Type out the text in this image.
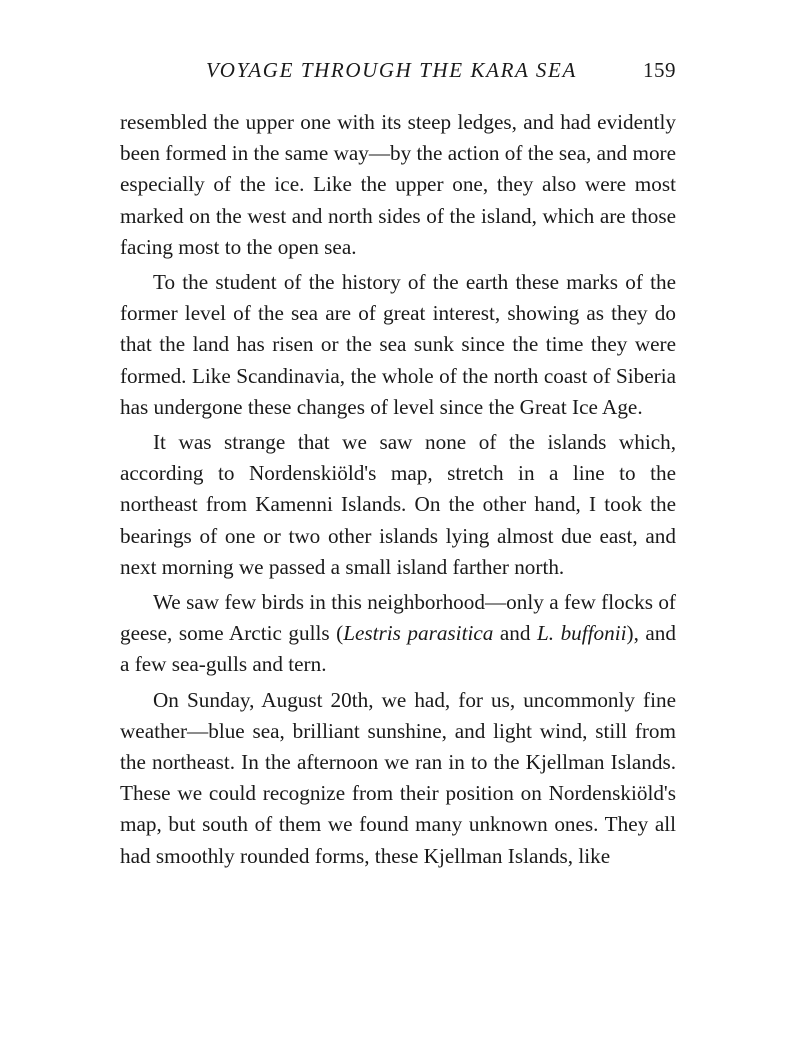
VOYAGE THROUGH THE KARA SEA	159

resembled the upper one with its steep ledges, and had evidently been formed in the same way—by the action of the sea, and more especially of the ice. Like the upper one, they also were most marked on the west and north sides of the island, which are those facing most to the open sea.

To the student of the history of the earth these marks of the former level of the sea are of great interest, showing as they do that the land has risen or the sea sunk since the time they were formed. Like Scandinavia, the whole of the north coast of Siberia has undergone these changes of level since the Great Ice Age.

It was strange that we saw none of the islands which, according to Nordenskiöld's map, stretch in a line to the northeast from Kamenni Islands. On the other hand, I took the bearings of one or two other islands lying almost due east, and next morning we passed a small island farther north.

We saw few birds in this neighborhood—only a few flocks of geese, some Arctic gulls (Lestris parasitica and L. buffonii), and a few sea-gulls and tern.

On Sunday, August 20th, we had, for us, uncommonly fine weather—blue sea, brilliant sunshine, and light wind, still from the northeast. In the afternoon we ran in to the Kjellman Islands. These we could recognize from their position on Nordenskiöld's map, but south of them we found many unknown ones. They all had smoothly rounded forms, these Kjellman Islands, like
